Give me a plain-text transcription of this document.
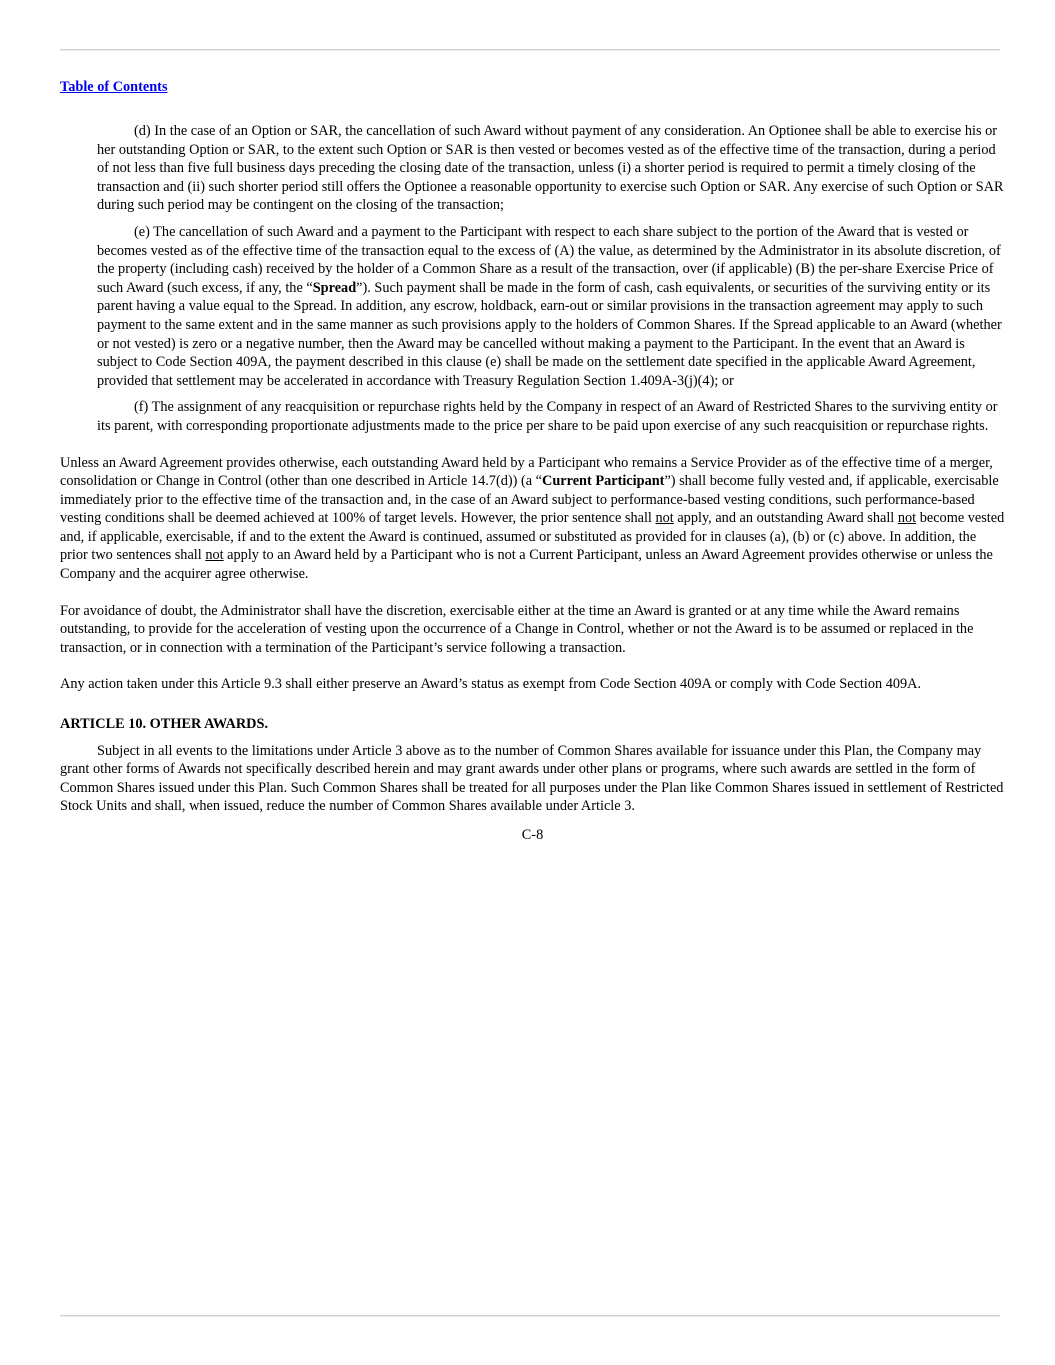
Table of Contents

(d) In the case of an Option or SAR, the cancellation of such Award without payment of any consideration. An Optionee shall be able to exercise his or her outstanding Option or SAR, to the extent such Option or SAR is then vested or becomes vested as of the effective time of the transaction, during a period of not less than five full business days preceding the closing date of the transaction, unless (i) a shorter period is required to permit a timely closing of the transaction and (ii) such shorter period still offers the Optionee a reasonable opportunity to exercise such Option or SAR. Any exercise of such Option or SAR during such period may be contingent on the closing of the transaction;

(e) The cancellation of such Award and a payment to the Participant with respect to each share subject to the portion of the Award that is vested or becomes vested as of the effective time of the transaction equal to the excess of (A) the value, as determined by the Administrator in its absolute discretion, of the property (including cash) received by the holder of a Common Share as a result of the transaction, over (if applicable) (B) the per-share Exercise Price of such Award (such excess, if any, the “Spread”). Such payment shall be made in the form of cash, cash equivalents, or securities of the surviving entity or its parent having a value equal to the Spread. In addition, any escrow, holdback, earn-out or similar provisions in the transaction agreement may apply to such payment to the same extent and in the same manner as such provisions apply to the holders of Common Shares. If the Spread applicable to an Award (whether or not vested) is zero or a negative number, then the Award may be cancelled without making a payment to the Participant. In the event that an Award is subject to Code Section 409A, the payment described in this clause (e) shall be made on the settlement date specified in the applicable Award Agreement, provided that settlement may be accelerated in accordance with Treasury Regulation Section 1.409A-3(j)(4); or

(f) The assignment of any reacquisition or repurchase rights held by the Company in respect of an Award of Restricted Shares to the surviving entity or its parent, with corresponding proportionate adjustments made to the price per share to be paid upon exercise of any such reacquisition or repurchase rights.

Unless an Award Agreement provides otherwise, each outstanding Award held by a Participant who remains a Service Provider as of the effective time of a merger, consolidation or Change in Control (other than one described in Article 14.7(d)) (a “Current Participant”) shall become fully vested and, if applicable, exercisable immediately prior to the effective time of the transaction and, in the case of an Award subject to performance-based vesting conditions, such performance-based vesting conditions shall be deemed achieved at 100% of target levels. However, the prior sentence shall not apply, and an outstanding Award shall not become vested and, if applicable, exercisable, if and to the extent the Award is continued, assumed or substituted as provided for in clauses (a), (b) or (c) above. In addition, the prior two sentences shall not apply to an Award held by a Participant who is not a Current Participant, unless an Award Agreement provides otherwise or unless the Company and the acquirer agree otherwise.

For avoidance of doubt, the Administrator shall have the discretion, exercisable either at the time an Award is granted or at any time while the Award remains outstanding, to provide for the acceleration of vesting upon the occurrence of a Change in Control, whether or not the Award is to be assumed or replaced in the transaction, or in connection with a termination of the Participant’s service following a transaction.

Any action taken under this Article 9.3 shall either preserve an Award’s status as exempt from Code Section 409A or comply with Code Section 409A.

ARTICLE 10. OTHER AWARDS.

Subject in all events to the limitations under Article 3 above as to the number of Common Shares available for issuance under this Plan, the Company may grant other forms of Awards not specifically described herein and may grant awards under other plans or programs, where such awards are settled in the form of Common Shares issued under this Plan. Such Common Shares shall be treated for all purposes under the Plan like Common Shares issued in settlement of Restricted Stock Units and shall, when issued, reduce the number of Common Shares available under Article 3.

C-8
